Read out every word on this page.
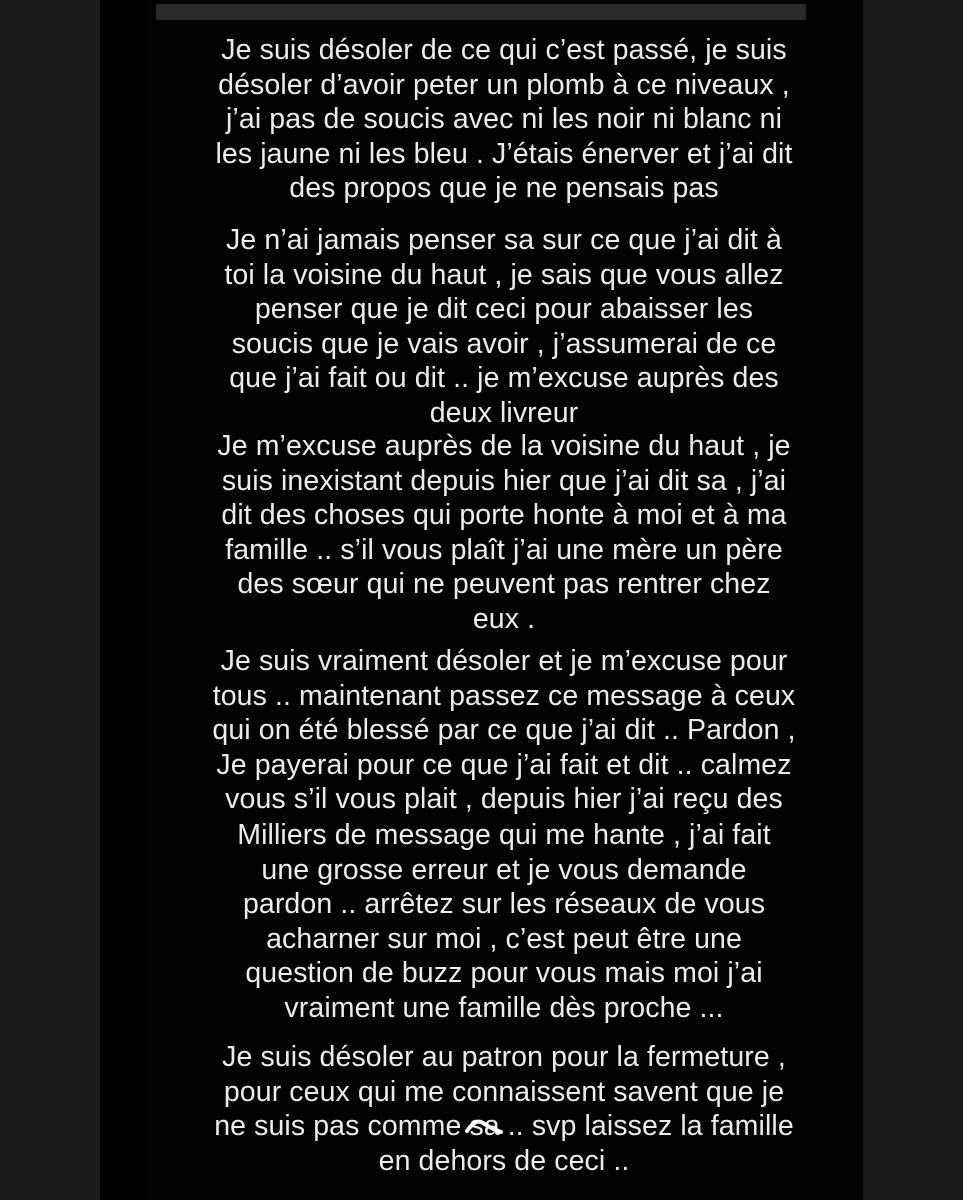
Je suis désoler de ce qui c’est passé, je suis
désoler d’avoir peter un plomb à ce niveaux ,
j’ai pas de soucis avec ni les noir ni blanc ni
les jaune ni les bleu . J’étais énerver et j’ai dit
des propos que je ne pensais pas
Je n’ai jamais penser sa sur ce que j’ai dit à
toi la voisine du haut , je sais que vous allez
penser que je dit ceci pour abaisser les
soucis que je vais avoir , j’assumerai de ce
que j’ai fait ou dit .. je m’excuse auprès des
deux livreur
Je m’excuse auprès de la voisine du haut , je
suis inexistant depuis hier que j’ai dit sa , j’ai
dit des choses qui porte honte à moi et à ma
famille .. s’il vous plaît j’ai une mère un père
des sœur qui ne peuvent pas rentrer chez
eux .
Je suis vraiment désoler et je m’excuse pour
tous .. maintenant passez ce message à ceux
qui on été blessé par ce que j’ai dit .. Pardon ,
Je payerai pour ce que j’ai fait et dit .. calmez
vous s’il vous plait , depuis hier j’ai reçu des
Milliers de message qui me hante , j’ai fait
une grosse erreur et je vous demande
pardon .. arrêtez sur les réseaux de vous
acharner sur moi , c’est peut être une
question de buzz pour vous mais moi j’ai
vraiment une famille dès proche ...
Je suis désoler au patron pour la fermeture ,
pour ceux qui me connaissent savent que je
ne suis pas comme sa .. svp laissez la famille
en dehors de ceci ..
